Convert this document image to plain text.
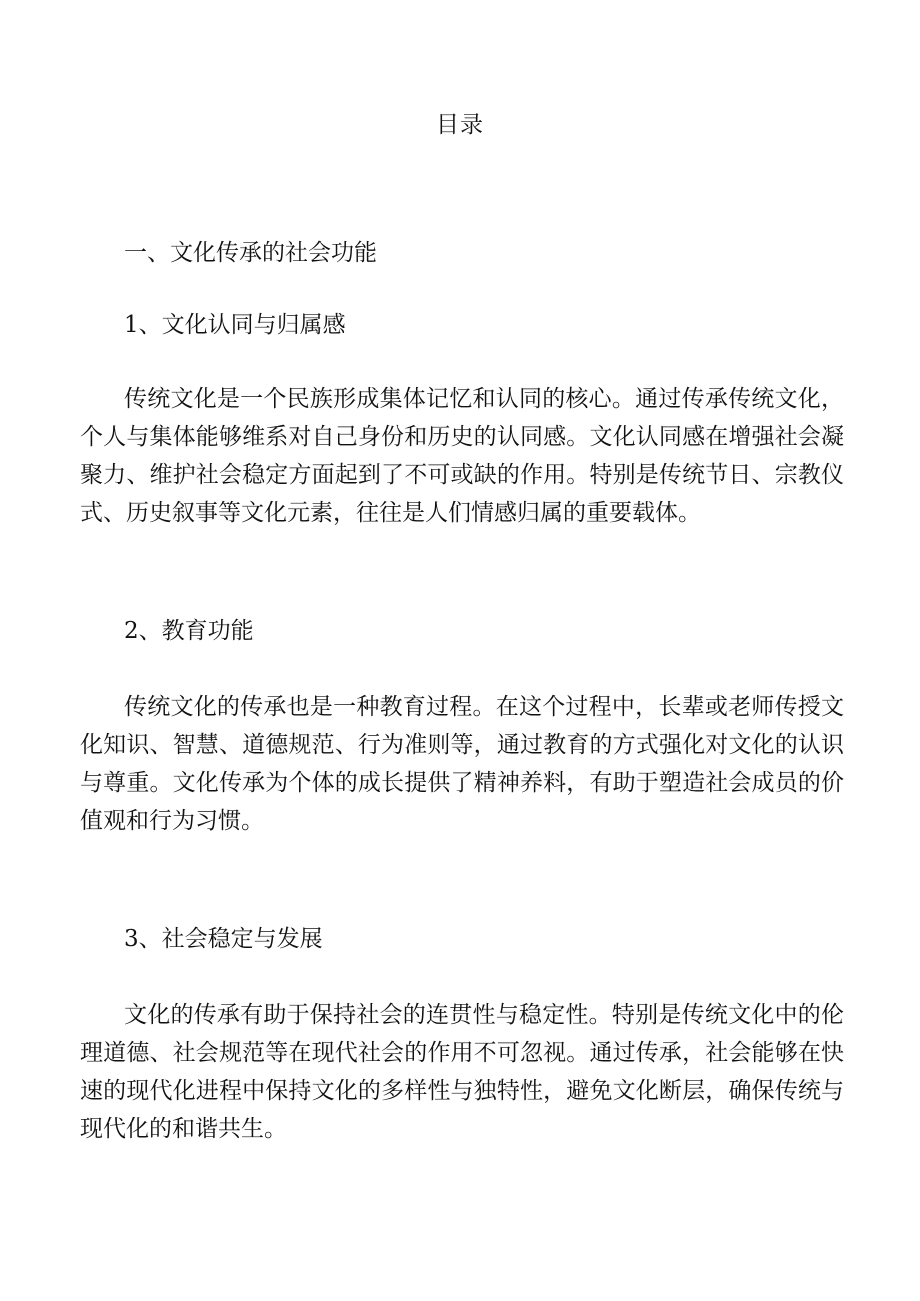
目录
一、文化传承的社会功能
1、文化认同与归属感
传统文化是一个民族形成集体记忆和认同的核心。通过传承传统文化，
个人与集体能够维系对自己身份和历史的认同感。文化认同感在增强社会凝
聚力、维护社会稳定方面起到了不可或缺的作用。特别是传统节日、宗教仪
式、历史叙事等文化元素，往往是人们情感归属的重要载体。
2、教育功能
传统文化的传承也是一种教育过程。在这个过程中，长辈或老师传授文
化知识、智慧、道德规范、行为准则等，通过教育的方式强化对文化的认识
与尊重。文化传承为个体的成长提供了精神养料，有助于塑造社会成员的价
值观和行为习惯。
3、社会稳定与发展
文化的传承有助于保持社会的连贯性与稳定性。特别是传统文化中的伦
理道德、社会规范等在现代社会的作用不可忽视。通过传承，社会能够在快
速的现代化进程中保持文化的多样性与独特性，避免文化断层，确保传统与
现代化的和谐共生。
